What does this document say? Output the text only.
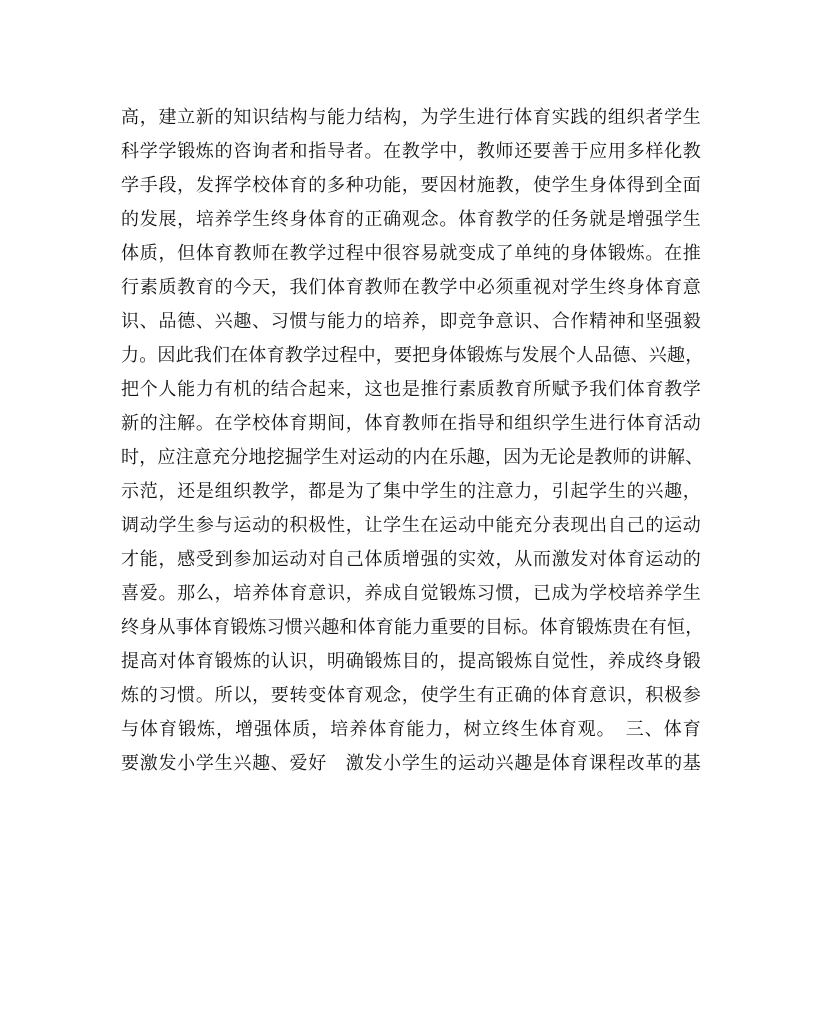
高，建立新的知识结构与能力结构，为学生进行体育实践的组织者学生
科学学锻炼的咨询者和指导者。在教学中，教师还要善于应用多样化教
学手段，发挥学校体育的多种功能，要因材施教，使学生身体得到全面
的发展，培养学生终身体育的正确观念。体育教学的任务就是增强学生
体质，但体育教师在教学过程中很容易就变成了单纯的身体锻炼。在推
行素质教育的今天，我们体育教师在教学中必须重视对学生终身体育意
识、品德、兴趣、习惯与能力的培养，即竞争意识、合作精神和坚强毅
力。因此我们在体育教学过程中，要把身体锻炼与发展个人品德、兴趣，
把个人能力有机的结合起来，这也是推行素质教育所赋予我们体育教学
新的注解。在学校体育期间，体育教师在指导和组织学生进行体育活动
时，应注意充分地挖掘学生对运动的内在乐趣，因为无论是教师的讲解、
示范，还是组织教学，都是为了集中学生的注意力，引起学生的兴趣，
调动学生参与运动的积极性，让学生在运动中能充分表现出自己的运动
才能，感受到参加运动对自己体质增强的实效，从而激发对体育运动的
喜爱。那么，培养体育意识，养成自觉锻炼习惯，已成为学校培养学生
终身从事体育锻炼习惯兴趣和体育能力重要的目标。体育锻炼贵在有恒，
提高对体育锻炼的认识，明确锻炼目的，提高锻炼自觉性，养成终身锻
炼的习惯。所以，要转变体育观念，使学生有正确的体育意识，积极参
与体育锻炼，增强体质，培养体育能力，树立终生体育观。　三、体育
要激发小学生兴趣、爱好　激发小学生的运动兴趣是体育课程改革的基
